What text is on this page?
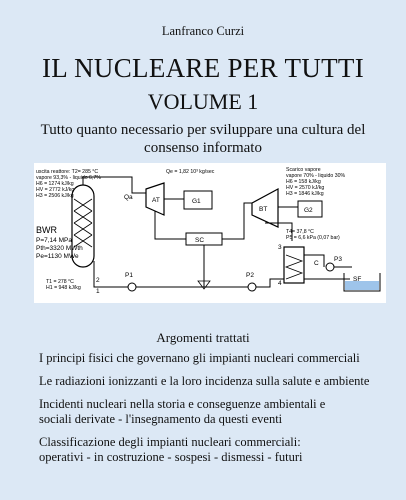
Lanfranco Curzi
IL NUCLEARE PER TUTTI
VOLUME 1
Tutto quanto necessario per sviluppare una cultura del consenso informato
uscita reattore: T2= 285 °C
vapore 93,3% - liquido 6,7%
H6 = 1274 kJ/kg
HV = 2772 kJ/kg
H3 = 2506 kJ/kg
Qe = 1,82 10³ kg/sec	Scarico vapore
vapore 70% - liquido 30%
H6 = 158 kJ/kg
HV = 2570 kJ/kg
H3 = 1846 kJ/kg
BWR
P=7,14 MPa
Pth=3320 MWth
Pe=1130 MWe
T1 = 278 °C
H1 = 948 kJ/kg
T4= 37,8 °C
P5 = 6,6 kPa (0,07 bar)
AT	G1
SC
BT	G2
C
P1	P2
P3
SF
Qa
1
2
3
4
Argomenti trattati
I principi fisici che governano gli impianti nucleari commerciali
Le radiazioni ionizzanti e la loro incidenza sulla salute e ambiente
Incidenti nucleari nella storia e conseguenze ambientali e
sociali derivate - l'insegnamento da questi eventi
Classificazione degli impianti nucleari commerciali:
operativi - in costruzione - sospesi - dismessi - futuri
